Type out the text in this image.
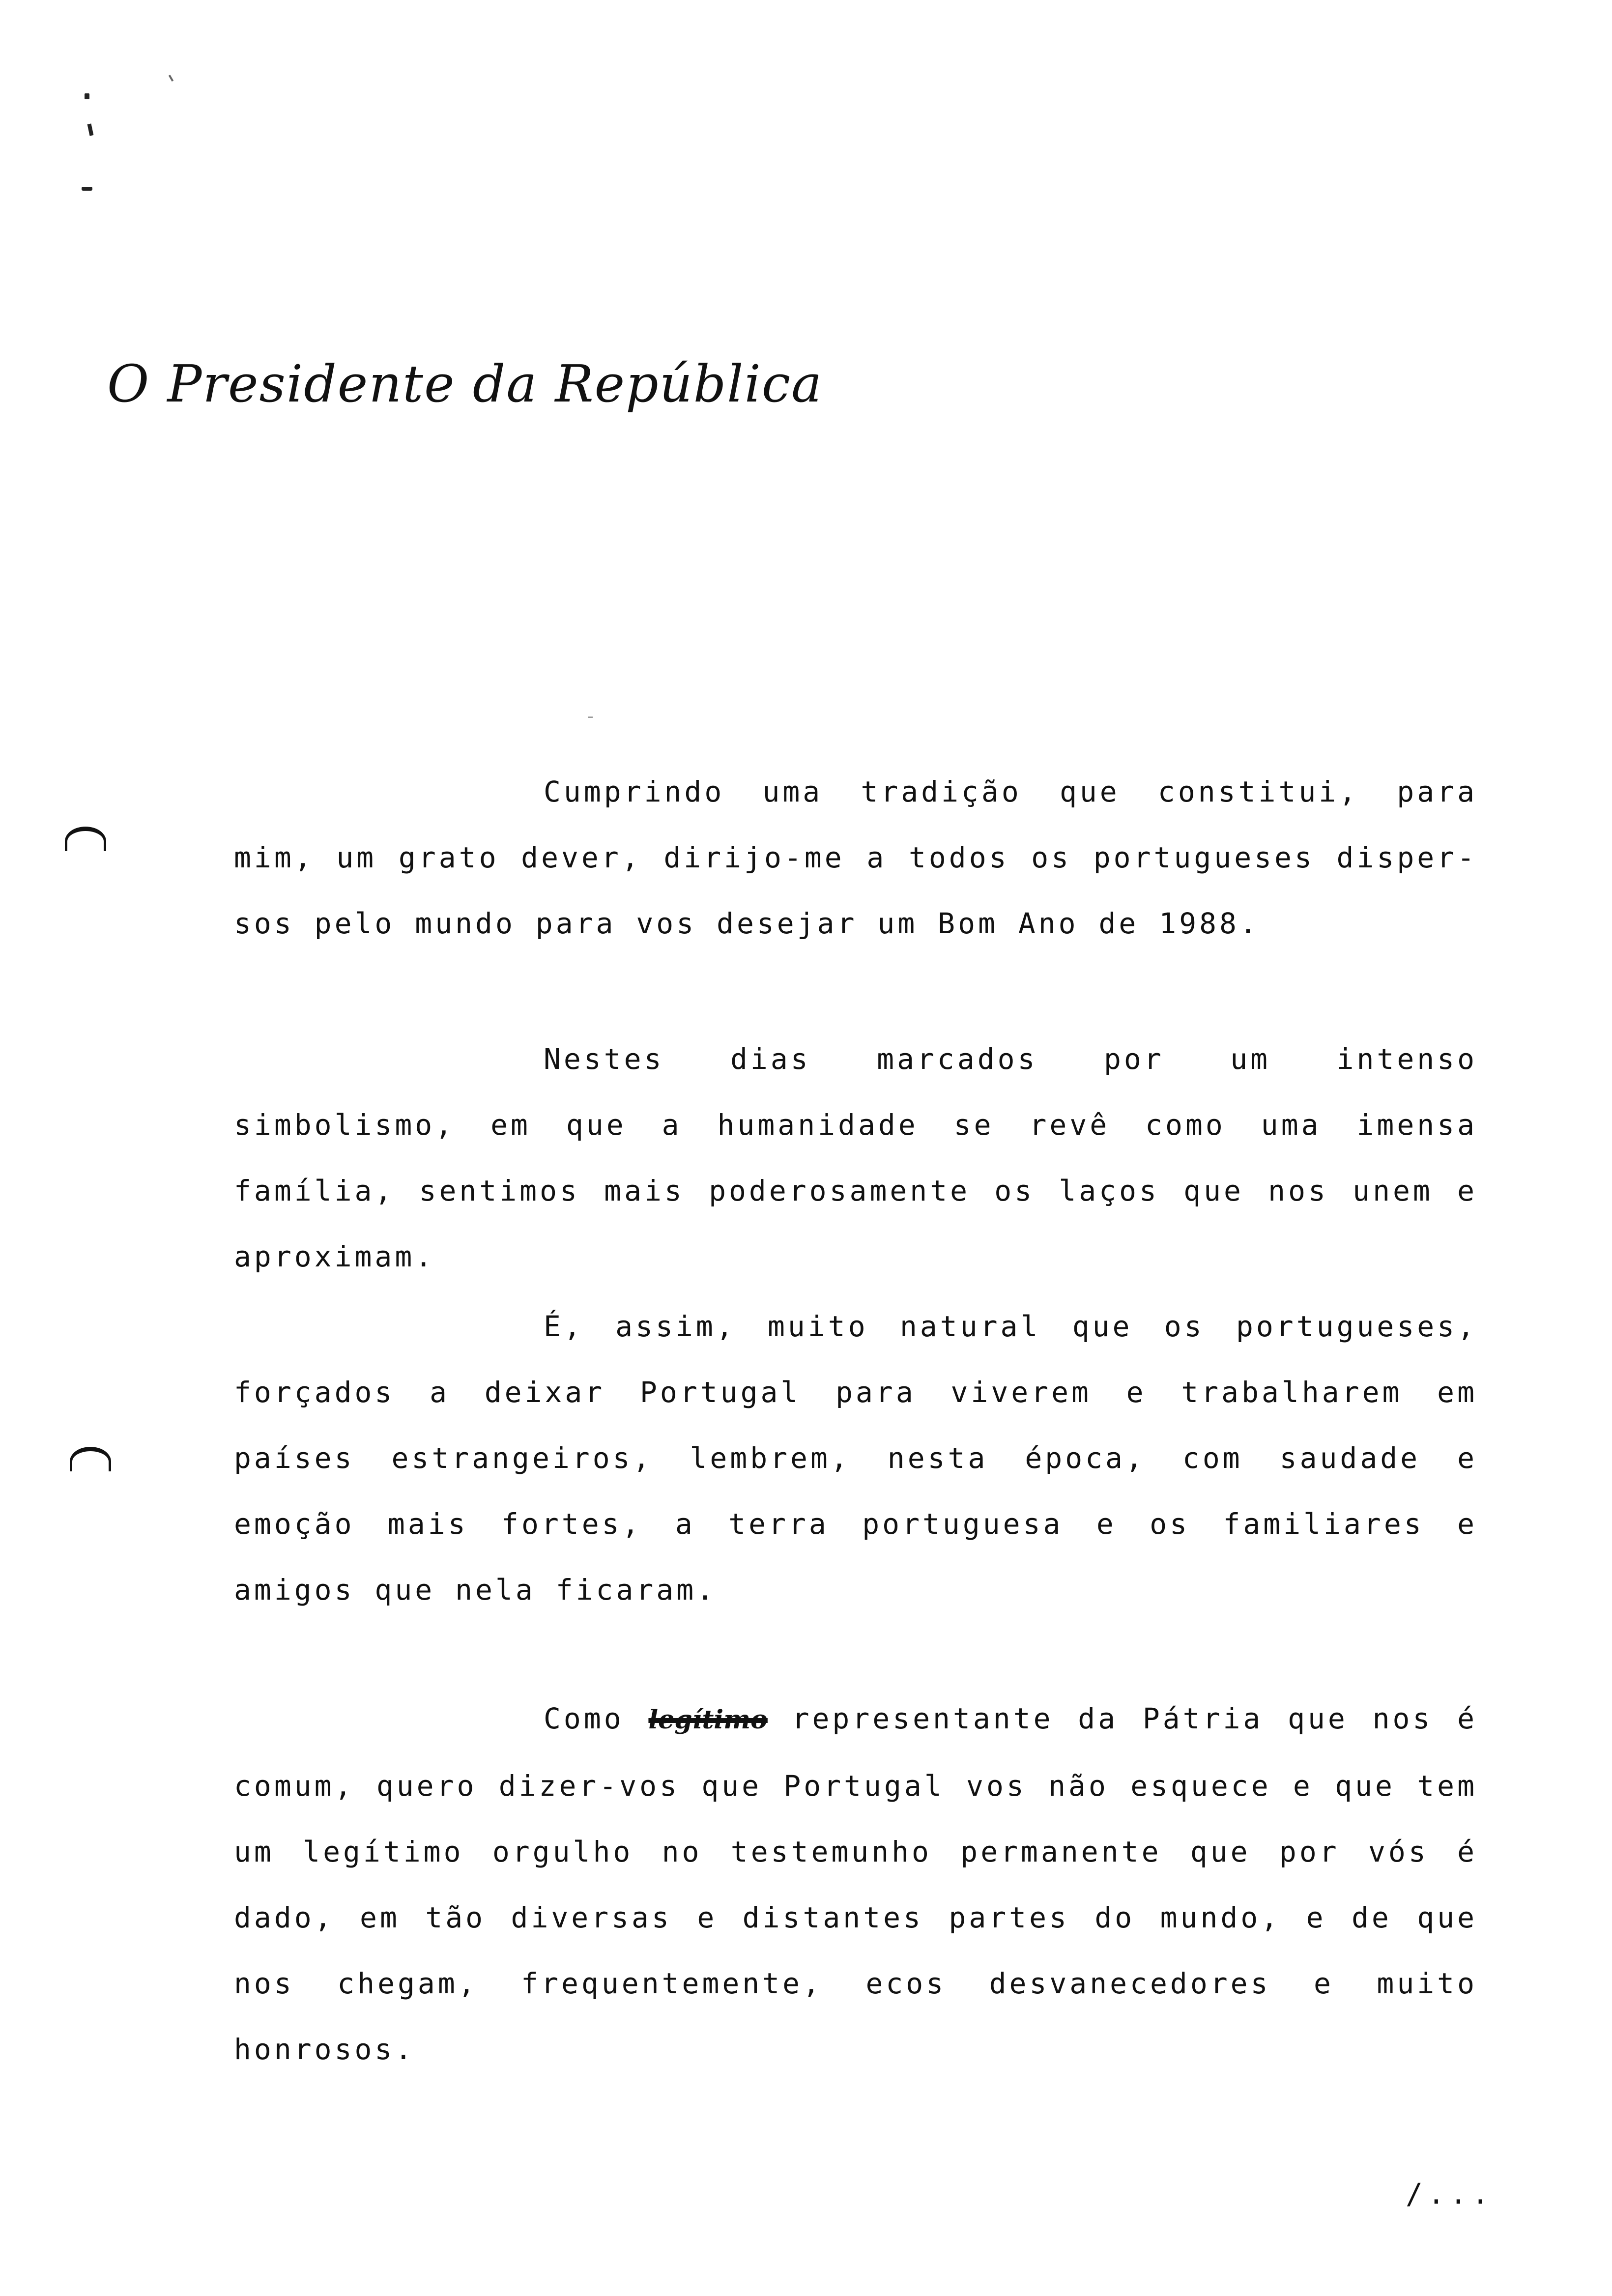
O Presidente da República
Cumprindo uma tradição que constitui, para mim, um grato dever, dirijo-me a todos os portugueses disper-sos pelo mundo para vos desejar um Bom Ano de 1988.
Nestes dias marcados por um intenso simbolismo, em que a humanidade se revê como uma imensa família, sentimos mais poderosamente os laços que nos unem e aproximam.
É, assim, muito natural que os portugueses, forçados a deixar Portugal para viverem e trabalharem em países estrangeiros, lembrem, nesta época, com saudade e emoção mais fortes, a terra portuguesa e os familiares e amigos que nela ficaram.
Como legítimo representante da Pátria que nos é comum, quero dizer-vos que Portugal vos não esquece e que tem um legítimo orgulho no testemunho permanente que por vós é dado, em tão diversas e distantes partes do mundo, e de que nos chegam, frequentemente, ecos desvanecedores e muito honrosos.
/...
